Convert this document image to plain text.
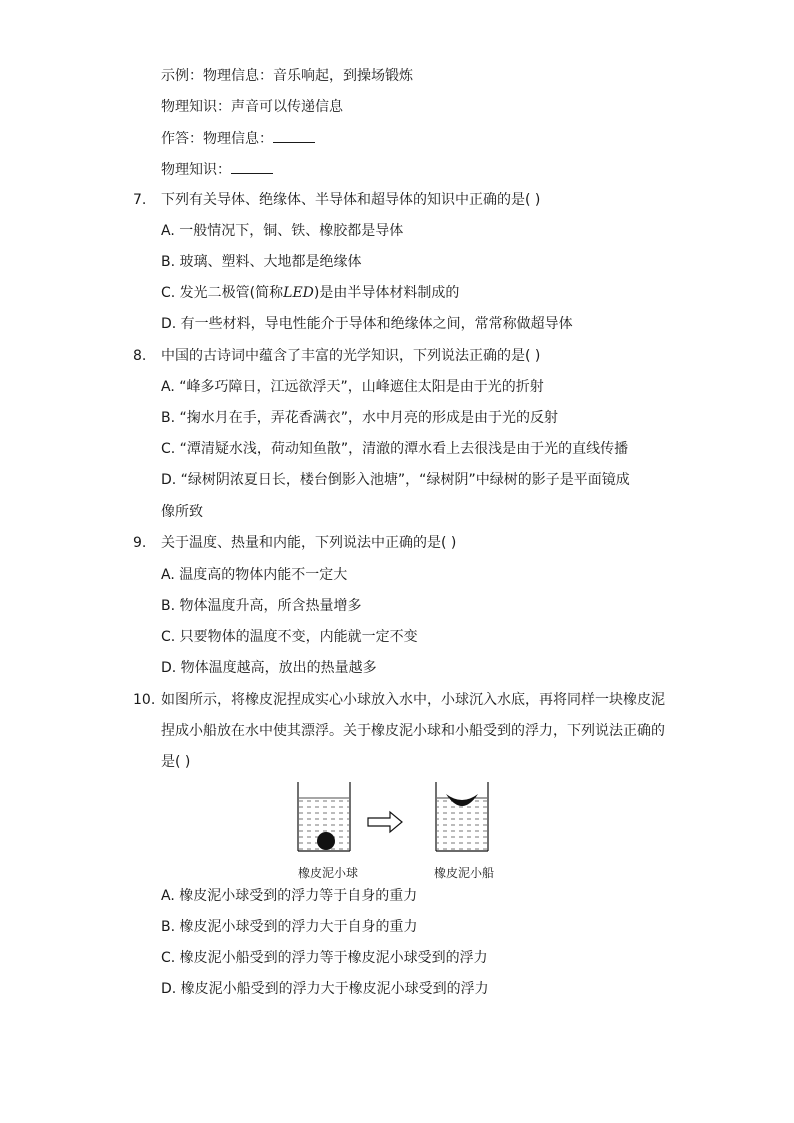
示例：物理信息：音乐响起，到操场锻炼
物理知识：声音可以传递信息
作答：物理信息：
物理知识：
7. 下列有关导体、绝缘体、半导体和超导体的知识中正确的是( )
A. 一般情况下，铜、铁、橡胶都是导体
B. 玻璃、塑料、大地都是绝缘体
C. 发光二极管(简称LED)是由半导体材料制成的
D. 有一些材料，导电性能介于导体和绝缘体之间，常常称做超导体
8. 中国的古诗词中蕴含了丰富的光学知识，下列说法正确的是( )
A. “峰多巧障日，江远欲浮天”，山峰遮住太阳是由于光的折射
B. “掬水月在手，弄花香满衣”，水中月亮的形成是由于光的反射
C. “潭清疑水浅，荷动知鱼散”，清澈的潭水看上去很浅是由于光的直线传播
D. “绿树阴浓夏日长，楼台倒影入池塘”，“绿树阴”中绿树的影子是平面镜成
像所致
9. 关于温度、热量和内能，下列说法中正确的是( )
A. 温度高的物体内能不一定大
B. 物体温度升高，所含热量增多
C. 只要物体的温度不变，内能就一定不变
D. 物体温度越高，放出的热量越多
10. 如图所示，将橡皮泥捏成实心小球放入水中，小球沉入水底，再将同样一块橡皮泥
捏成小船放在水中使其漂浮。关于橡皮泥小球和小船受到的浮力，下列说法正确的
是( )
橡皮泥小球	橡皮泥小船
A. 橡皮泥小球受到的浮力等于自身的重力
B. 橡皮泥小球受到的浮力大于自身的重力
C. 橡皮泥小船受到的浮力等于橡皮泥小球受到的浮力
D. 橡皮泥小船受到的浮力大于橡皮泥小球受到的浮力
